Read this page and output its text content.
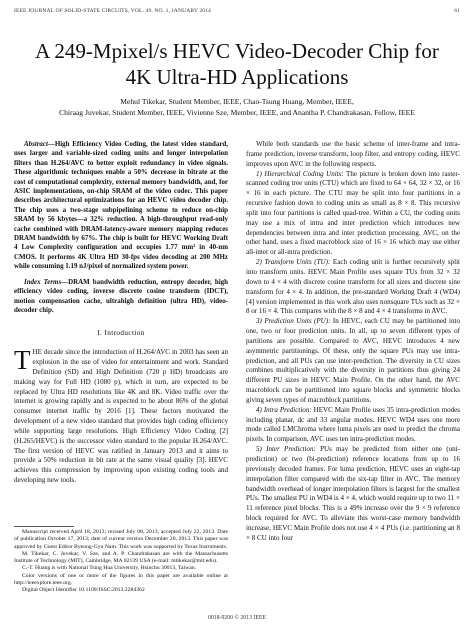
IEEE JOURNAL OF SOLID-STATE CIRCUITS, VOL. 49, NO. 1, JANUARY 2014	61
A 249-Mpixel/s HEVC Video-Decoder Chip for
4K Ultra-HD Applications
Mehul Tikekar, Student Member, IEEE, Chao-Tsung Huang, Member, IEEE,
Chiraag Juvekar, Student Member, IEEE, Vivienne Sze, Member, IEEE, and Anantha P. Chandrakasan, Fellow, IEEE

Abstract—High Efficiency Video Coding, the latest video standard, uses larger and variable-sized coding units and longer interpolation filters than H.264/AVC to better exploit redundancy in video signals. These algorithmic techniques enable a 50% decrease in bitrate at the cost of computational complexity, external memory bandwidth, and, for ASIC implementations, on-chip SRAM of the video codec. This paper describes architectural optimizations for an HEVC video decoder chip. The chip uses a two-stage subpipelining scheme to reduce on-chip SRAM by 56 kbytes—a 32% reduction. A high-throughput read-only cache combined with DRAM-latency-aware memory mapping reduces DRAM bandwidth by 67%. The chip is built for HEVC Working Draft 4 Low Complexity configuration and occupies 1.77 mm² in 40-nm CMOS. It performs 4K Ultra HD 30-fps video decoding at 200 MHz while consuming 1.19 nJ/pixel of normalized system power.

Index Terms—DRAM bandwidth reduction, entropy decoder, high efficiency video coding, inverse discrete cosine transform (IDCT), motion compensation cache, ultrahigh definition (ultra HD), video-decoder chip.

I. Introduction

THE decade since the introduction of H.264/AVC in 2003 has seen an explosion in the use of video for entertainment and work. Standard Definition (SD) and High Definition (720 p HD) broadcasts are making way for Full HD (1080 p), which in turn, are expected to be replaced by Ultra HD resolutions like 4K and 8K. Video traffic over the internet is growing rapidly and is expected to be about 86% of the global consumer internet traffic by 2016 [1]. These factors motivated the development of a new video standard that provides high coding efficiency while supporting large resolutions. High Efficiency Video Coding [2] (H.265/HEVC) is the successor video standard to the popular H.264/AVC. The first version of HEVC was ratified in January 2013 and it aims to provide a 50% reduction in bit rate at the same visual quality [3]. HEVC achieves this compression by improving upon existing coding tools and developing new tools.

Manuscript received April 18, 2013; revised July 08, 2013; accepted July 22, 2013. Date of publication October 17, 2013; date of current version December 20, 2013. This paper was approved by Guest Editor Byeong-Gyu Nam. This work was supported by Texas Instruments.

M. Tikekar, C. Juvekar, V. Sze, and A. P. Chandrakasan are with the Massachusetts Institute of Technology (MIT), Cambridge, MA 02139 USA (e-mail: mtikekar@mit.edu).

C.-T. Huang is with National Tsing Hua University, Hsinchu 30013, Taiwan.

Color versions of one or more of the figures in this paper are available online at http://ieeexplore.ieee.org.

Digital Object Identifier 10.1109/JSSC.2013.2284362

While both standards use the basic scheme of inter-frame and intra-frame prediction, inverse transform, loop filter, and entropy coding, HEVC improves upon AVC in the following respects.

1) Hierarchical Coding Units: The picture is broken down into raster-scanned coding tree units (CTU) which are fixed to 64 × 64, 32 × 32, or 16 × 16 in each picture. The CTU may be split into four partitions in a recursive fashion down to coding units as small as 8 × 8. This recursive split into four partitions is called quad-tree. Within a CU, the coding units may use a mix of intra and inter prediction which introduces new dependencies between intra and inter prediction processing. AVC, on the other hand, uses a fixed macroblock size of 16 × 16 which may use either all-inter or all-intra prediction.

2) Transform Units (TU): Each coding unit is further recursively split into transform units. HEVC Main Profile uses square TUs from 32 × 32 down to 4 × 4 with discrete cosine transform for all sizes and discrete sine transform for 4 × 4. In addition, the pre-standard Working Draft 4 (WD4) [4] version implemented in this work also uses nonsquare TUs such as 32 × 8 or 16 × 4. This compares with the 8 × 8 and 4 × 4 transforms in AVC.

3) Prediction Units (PU): In HEVC, each CU may be partitioned into one, two or four prediction units. In all, up to seven different types of partitions are possible. Compared to AVC, HEVC introduces 4 new asymmetric partitionings. Of these, only the square PUs may use intra-prediction, and all PUs can use inter-prediction. The diversity in CU sizes combines multiplicatively with the diversity in partitions thus giving 24 different PU sizes in HEVC Main Profile. On the other hand, the AVC macroblock can be partitioned into square blocks and symmetric blocks giving seven types of macroblock partitions.

4) Intra Prediction: HEVC Main Profile uses 35 intra-prediction modes including planar, dc and 33 angular modes. HEVC WD4 uses one more mode called LMChroma where luma pixels are used to predict the chroma pixels. In comparison, AVC uses ten intra-prediction modes.

5) Inter Prediction: PUs may be predicted from either one (uni-prediction) or two (bi-prediction) reference locations from up to 16 previously decoded frames. For luma prediction, HEVC uses an eight-tap interpolation filter compared with the six-tap filter in AVC. The memory bandwidth overhead of longer interpolation filters is largest for the smallest PUs. The smallest PU in WD4 is 4 × 4, which would require up to two 11 × 11 reference pixel blocks. This is a 49% increase over the 9 × 9 reference block required for AVC. To alleviate this worst-case memory bandwidth increase, HEVC Main Profile does not use 4 × 4 PUs (i.e. partitioning an 8 × 8 CU into four

0018-9200 © 2013 IEEE
